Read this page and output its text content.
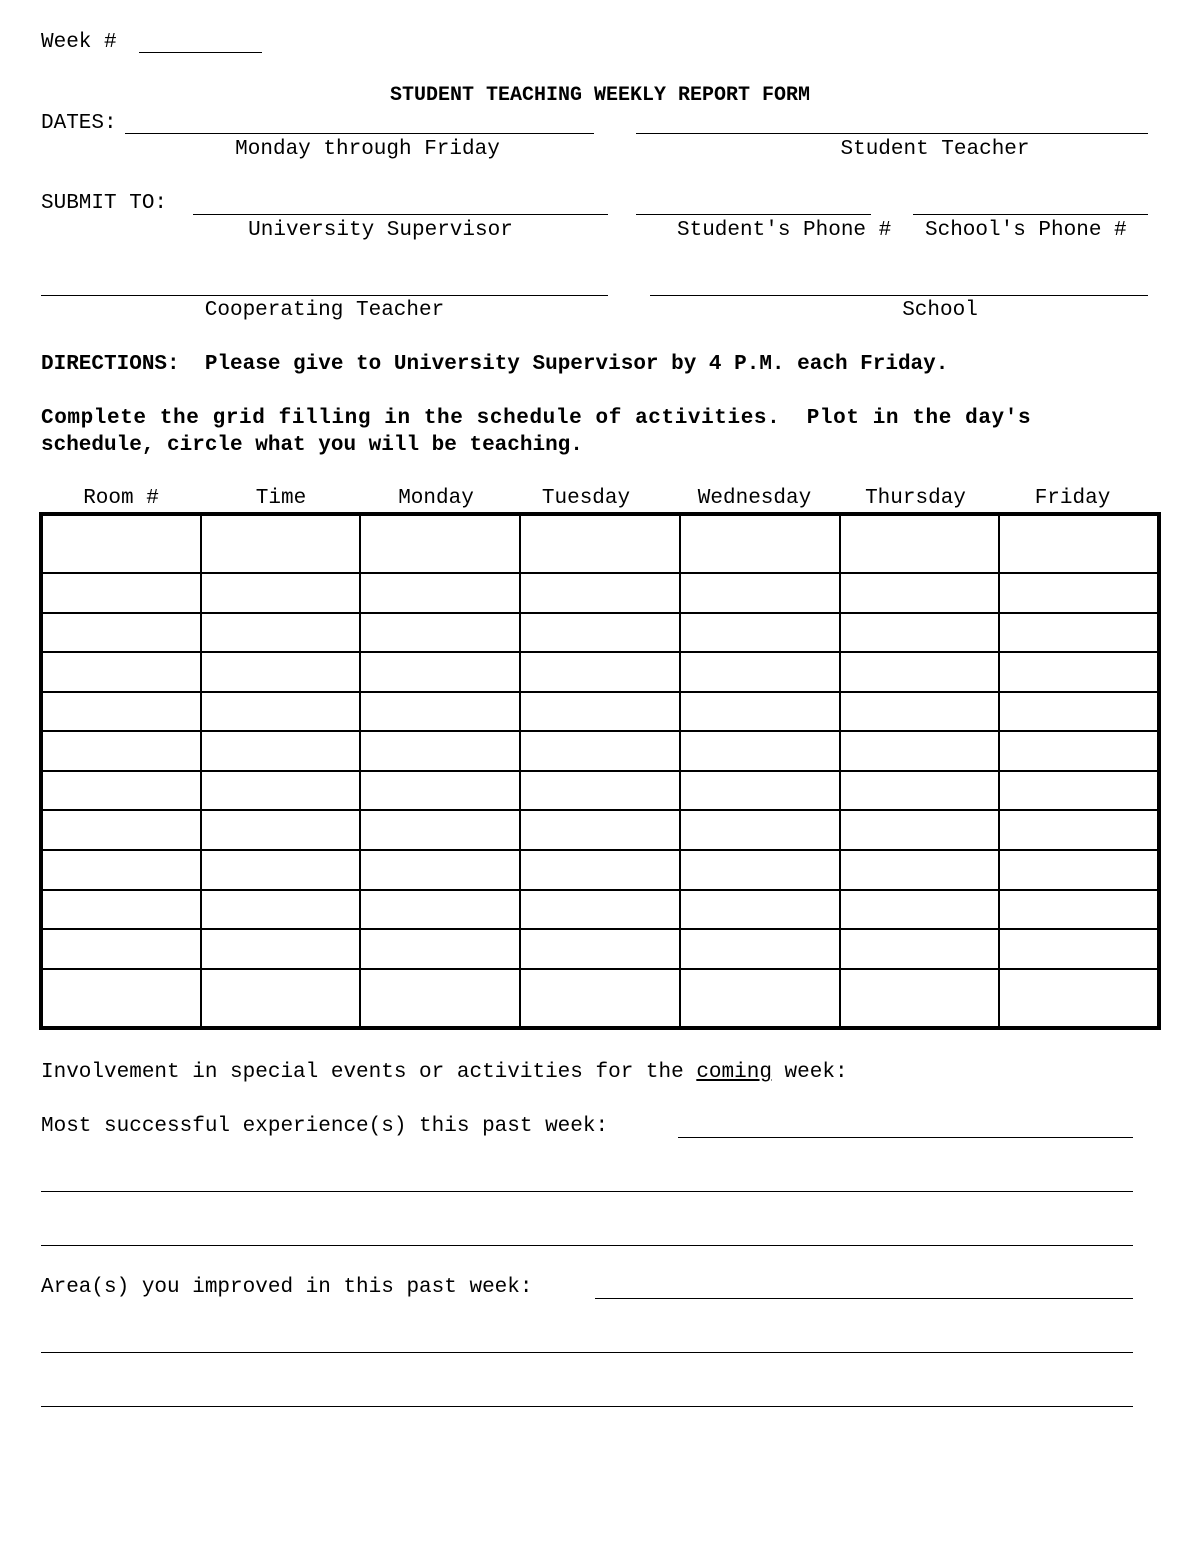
Week #
STUDENT TEACHING WEEKLY REPORT FORM
DATES:
Monday through Friday	Student Teacher
SUBMIT TO:
University Supervisor	Student's Phone # School's Phone #
Cooperating Teacher	School
DIRECTIONS: Please give to University Supervisor by 4 P.M. each Friday.
Complete the grid filling in the schedule of activities.  Plot in the day's
schedule, circle what you will be teaching.
Room #	Time	Monday	Tuesday	Wednesday	Thursday	Friday

Involvement in special events or activities for the coming week:
Most successful experience(s) this past week:
Area(s) you improved in this past week:
